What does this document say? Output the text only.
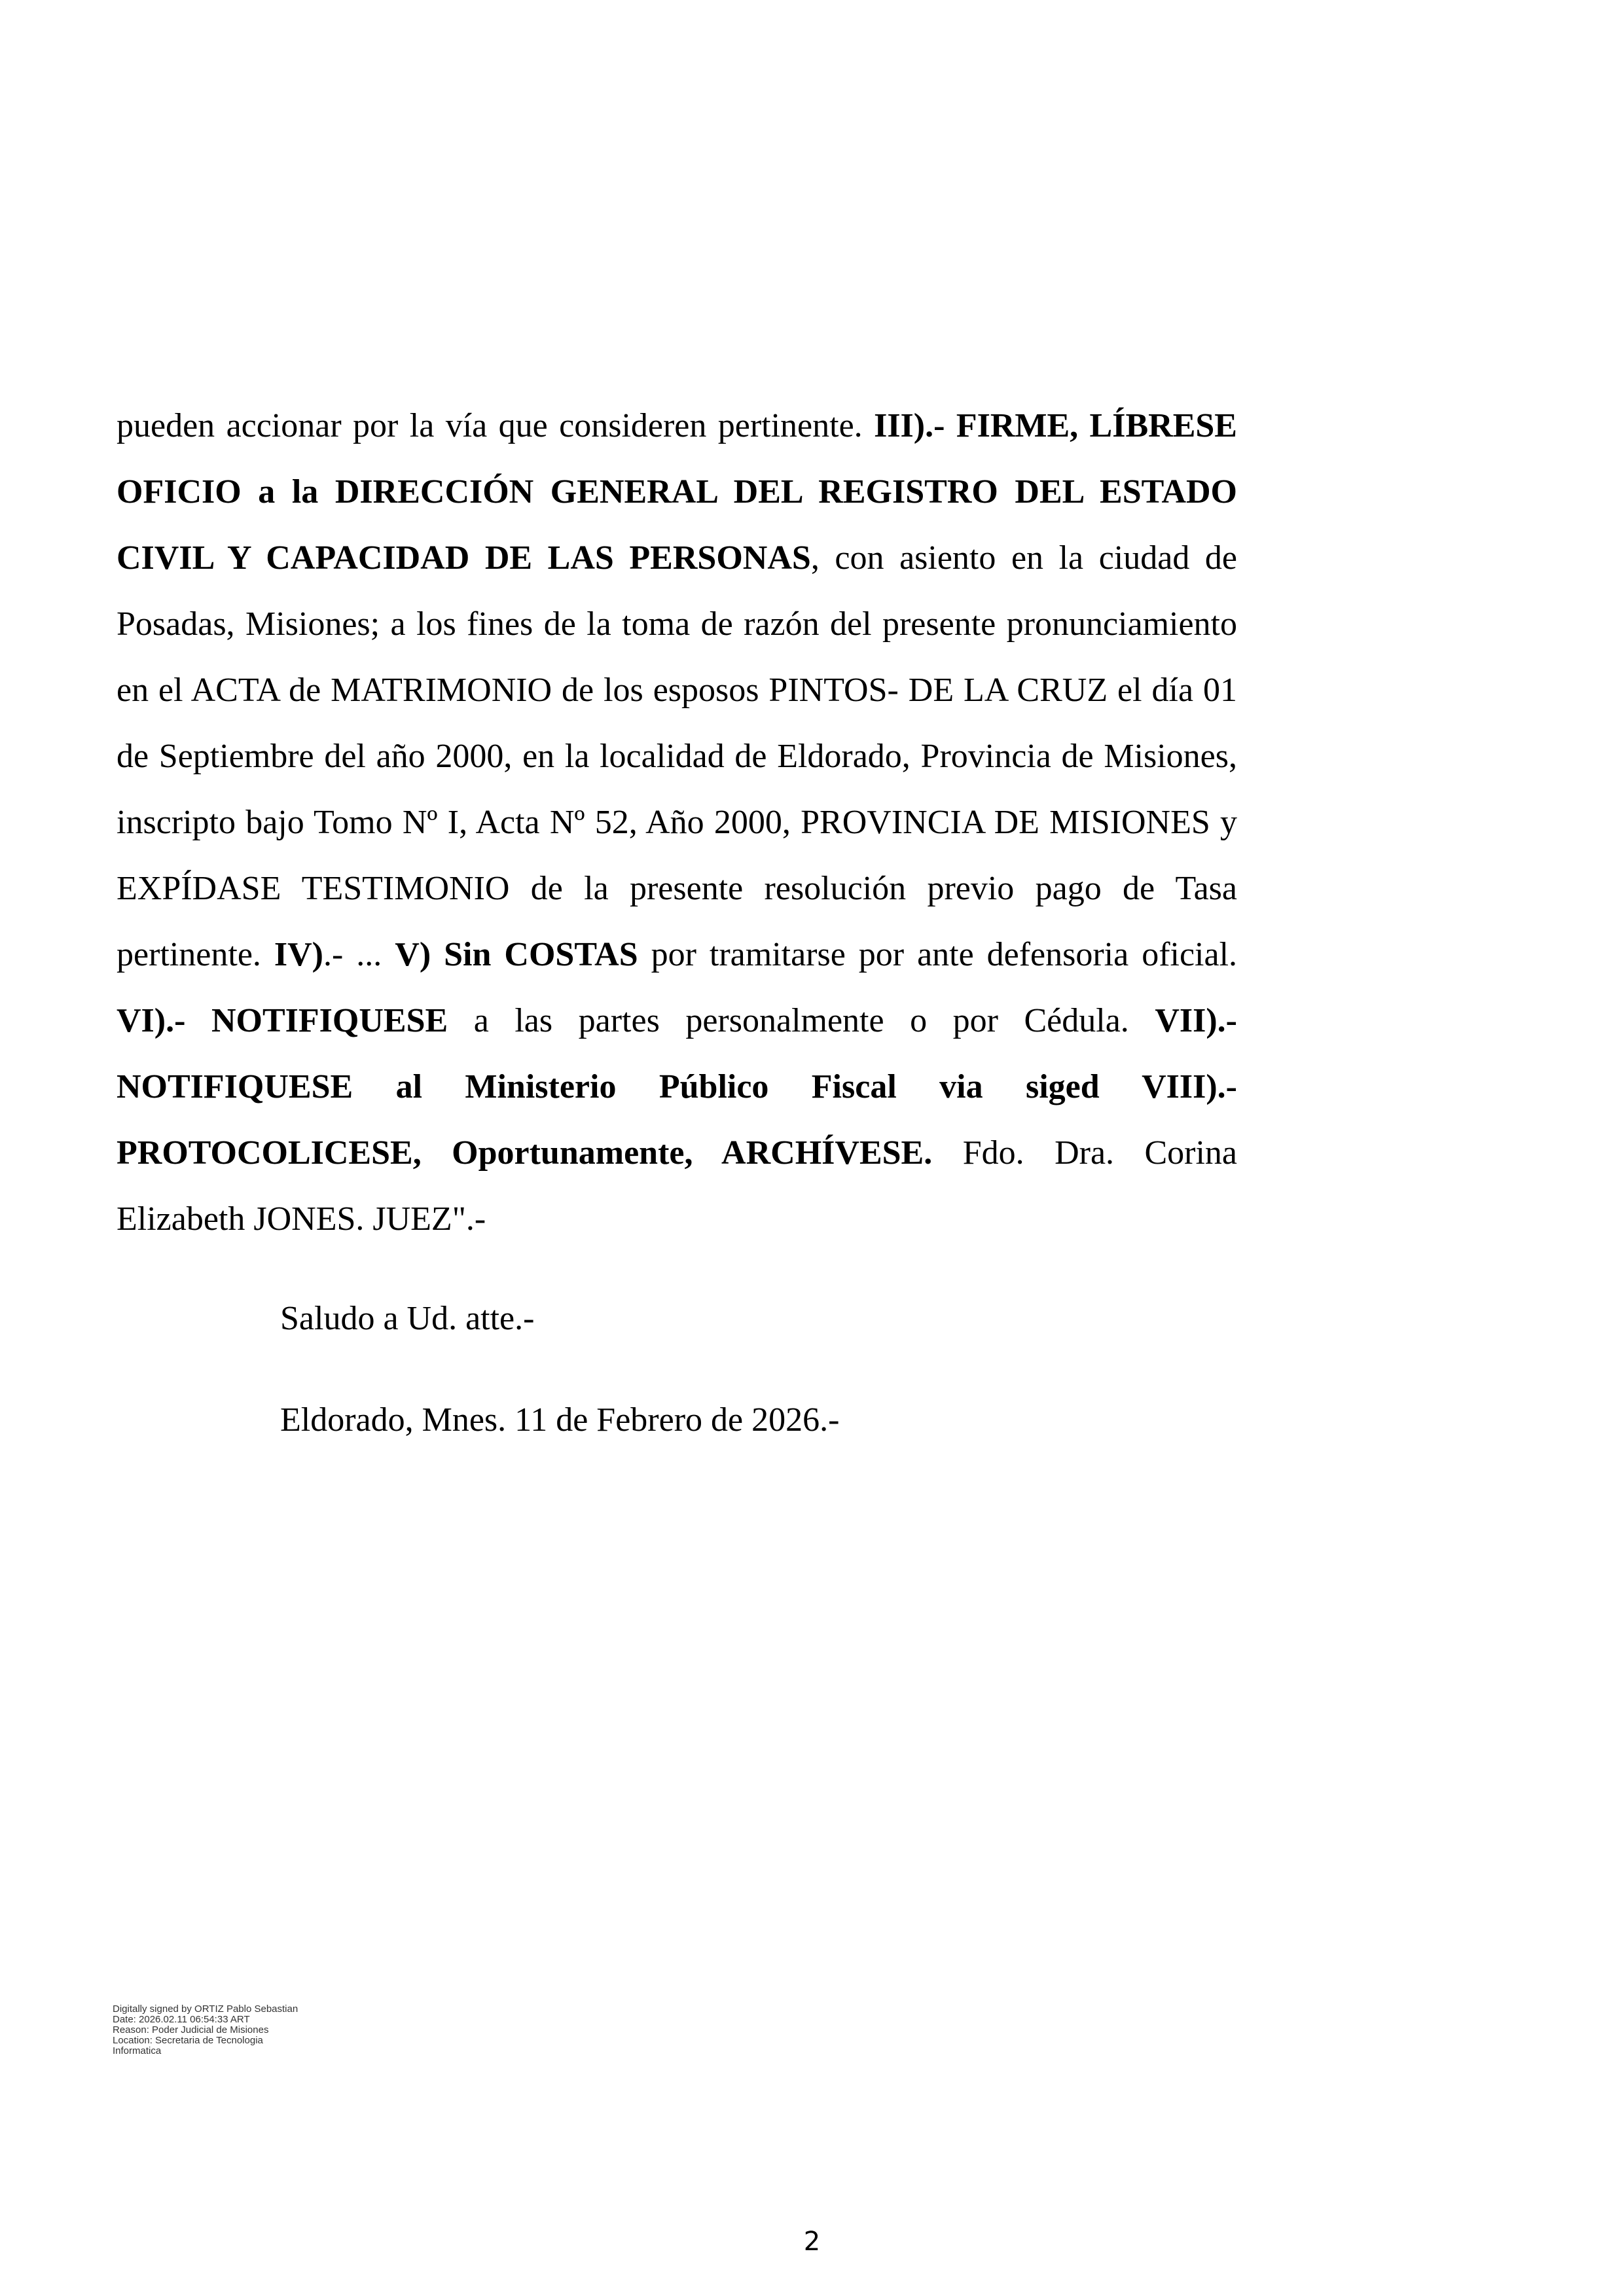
pueden accionar por la vía que consideren pertinente. III).- FIRME, LÍBRESE OFICIO a la DIRECCIÓN GENERAL DEL REGISTRO DEL ESTADO CIVIL Y CAPACIDAD DE LAS PERSONAS, con asiento en la ciudad de Posadas, Misiones; a los fines de la toma de razón del presente pronunciamiento en el ACTA de MATRIMONIO de los esposos PINTOS- DE LA CRUZ el día 01 de Septiembre del año 2000, en la localidad de Eldorado, Provincia de Misiones, inscripto bajo Tomo Nº I, Acta Nº 52, Año 2000, PROVINCIA DE MISIONES y EXPÍDASE TESTIMONIO de la presente resolución previo pago de Tasa pertinente. IV).- ... V) Sin COSTAS por tramitarse por ante defensoria oficial. VI).- NOTIFIQUESE a las partes personalmente o por Cédula. VII).- NOTIFIQUESE al Ministerio Público Fiscal via siged VIII).- PROTOCOLICESE, Oportunamente, ARCHÍVESE. Fdo. Dra. Corina Elizabeth JONES. JUEZ".-

Saludo a Ud. atte.-

Eldorado, Mnes. 11 de Febrero de 2026.-

Digitally signed by ORTIZ Pablo Sebastian
Date: 2026.02.11 06:54:33 ART
Reason: Poder Judicial de Misiones
Location: Secretaria de Tecnologia
Informatica
2
